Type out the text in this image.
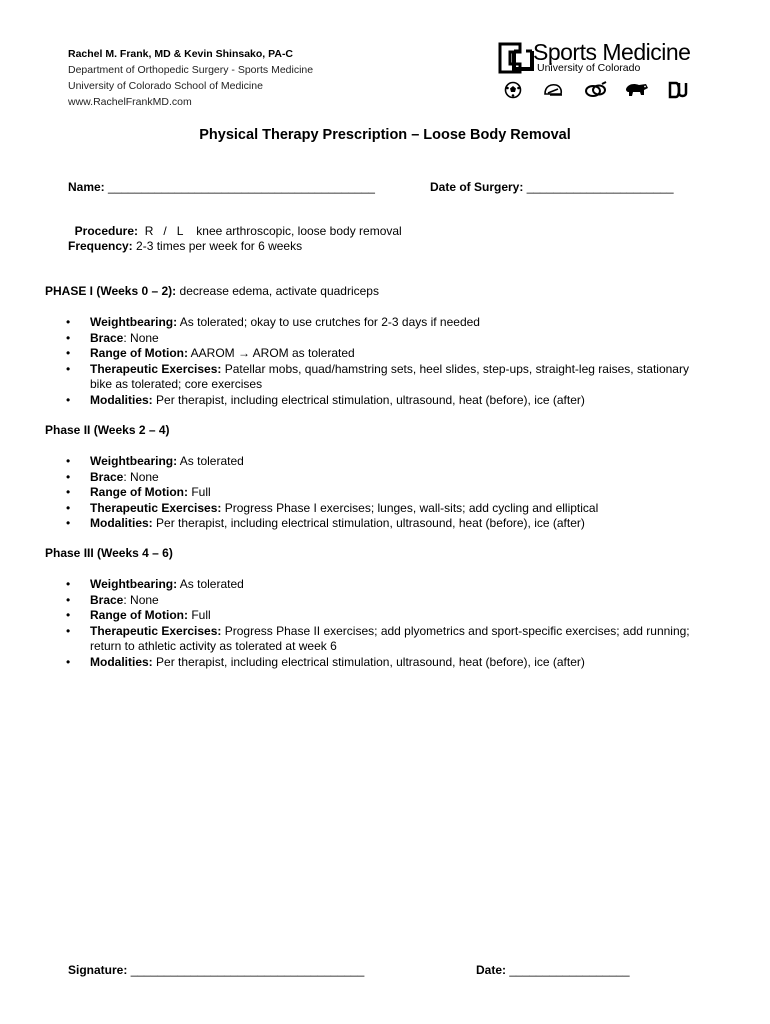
Rachel M. Frank, MD & Kevin Shinsako, PA-C
Department of Orthopedic Surgery - Sports Medicine
University of Colorado School of Medicine
www.RachelFrankMD.com
Sports Medicine
University of Colorado
Physical Therapy Prescription – Loose Body Removal
Name: ________________________________________	Date of Surgery: ______________________

Procedure: R   /   L    knee arthroscopic, loose body removal

Frequency: 2-3 times per week for 6 weeks
PHASE I (Weeks 0 – 2): decrease edema, activate quadriceps
• Weightbearing: As tolerated; okay to use crutches for 2-3 days if needed
• Brace: None
• Range of Motion: AAROM → AROM as tolerated
• Therapeutic Exercises: Patellar mobs, quad/hamstring sets, heel slides, step-ups, straight-leg raises, stationary bike as tolerated; core exercises
• Modalities: Per therapist, including electrical stimulation, ultrasound, heat (before), ice (after)
Phase II (Weeks 2 – 4)
• Weightbearing: As tolerated
• Brace: None
• Range of Motion: Full
• Therapeutic Exercises: Progress Phase I exercises; lunges, wall-sits; add cycling and elliptical
• Modalities: Per therapist, including electrical stimulation, ultrasound, heat (before), ice (after)
Phase III (Weeks 4 – 6)
• Weightbearing: As tolerated
• Brace: None
• Range of Motion: Full
• Therapeutic Exercises: Progress Phase II exercises; add plyometrics and sport-specific exercises; add running; return to athletic activity as tolerated at week 6
• Modalities: Per therapist, including electrical stimulation, ultrasound, heat (before), ice (after)
Signature: ___________________________________	Date: __________________
